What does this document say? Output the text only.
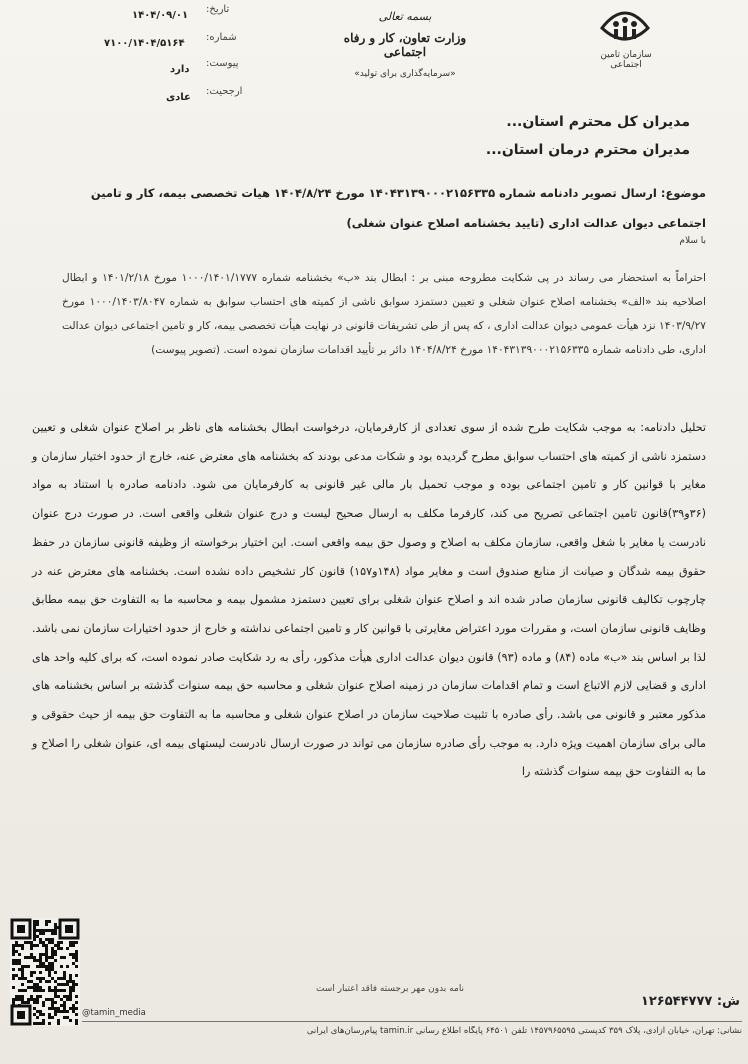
سازمان تامین اجتماعی
بسمه تعالی
وزارت تعاون، کار و رفاه اجتماعی
«سرمایه‌گذاری برای تولید»
تاریخ:
۱۴۰۴/۰۹/۰۱
شماره:
۷۱۰۰/۱۴۰۴/۵۱۶۴
پیوست:
دارد
ارجحیت:
عادی
مدیران کل محترم استان...
مدیران محترم درمان استان...
موضوع: ارسال تصویر دادنامه شماره ۱۴۰۴۳۱۳۹۰۰۰۲۱۵۶۳۳۵ مورخ ۱۴۰۴/۸/۲۴ هیات تخصصی بیمه، کار و تامین اجتماعی دیوان عدالت اداری (تایید بخشنامه اصلاح عنوان شغلی)
با سلام
احتراماً به استحضار می رساند در پی شکایت مطروحه مبنی بر : ابطال بند «ب» بخشنامه شماره ۱۰۰۰/۱۴۰۱/۱۷۷۷ مورخ ۱۴۰۱/۲/۱۸ و ابطال اصلاحیه بند «الف» بخشنامه اصلاح عنوان شغلی و تعیین دستمزد سوابق ناشی از کمیته های احتساب سوابق به شماره ۱۰۰۰/۱۴۰۳/۸۰۴۷ مورخ ۱۴۰۳/۹/۲۷ نزد هیأت عمومی دیوان عدالت اداری ، که پس از طی تشریفات قانونی در نهایت هیأت تخصصی بیمه، کار و تامین اجتماعی دیوان عدالت اداری، طی دادنامه شماره ۱۴۰۴۳۱۳۹۰۰۰۲۱۵۶۳۳۵ مورخ ۱۴۰۴/۸/۲۴ دائر بر تأیید اقدامات سازمان نموده است. (تصویر پیوست)
تحلیل دادنامه: به موجب شکایت طرح شده از سوی تعدادی از کارفرمایان، درخواست ابطال بخشنامه های ناظر بر اصلاح عنوان شغلی و تعیین دستمزد ناشی از کمیته های احتساب سوابق مطرح گردیده بود و شکات مدعی بودند که بخشنامه های معترض عنه، خارج از حدود اختیار سازمان و مغایر با قوانین کار و تامین اجتماعی بوده و موجب تحمیل بار مالی غیر قانونی به کارفرمایان می شود. دادنامه صادره با استناد به مواد (۳۶و۳۹)قانون تامین اجتماعی تصریح می کند، کارفرما مکلف به ارسال صحیح لیست و درج عنوان شغلی واقعی است. در صورت درج عنوان نادرست یا مغایر با شغل واقعی، سازمان مکلف به اصلاح و وصول حق بیمه واقعی است. این اختیار برخواسته از وظیفه قانونی سازمان در حفظ حقوق بیمه شدگان و صیانت از منابع صندوق است و مغایر مواد (۱۴۸و۱۵۷) قانون کار تشخیص داده نشده است. بخشنامه های معترض عنه در چارچوب تکالیف قانونی سازمان صادر شده اند و اصلاح عنوان شغلی برای تعیین دستمزد مشمول بیمه و محاسبه ما به التفاوت حق بیمه مطابق وظایف قانونی سازمان است، و مقررات مورد اعتراض مغایرتی با قوانین کار و تامین اجتماعی نداشته و خارج از حدود اختیارات سازمان نمی باشد. لذا بر اساس بند «ب» ماده (۸۴) و ماده (۹۳) قانون دیوان عدالت اداری هیأت مذکور، رأی به رد شکایت صادر نموده است، که برای کلیه واحد های اداری و قضایی لازم الاتباع است و تمام اقدامات سازمان در زمینه اصلاح عنوان شغلی و محاسبه حق بیمه سنوات گذشته بر اساس بخشنامه های مذکور معتبر و قانونی می باشد. رأی صادره با تثبیت صلاحیت سازمان در اصلاح عنوان شغلی و محاسبه ما به التفاوت حق بیمه از حیث حقوقی و مالی برای سازمان اهمیت ویژه دارد. به موجب رأی صادره سازمان می تواند در صورت ارسال نادرست لیستهای بیمه ای، عنوان شغلی را اصلاح و ما به التفاوت حق بیمه سنوات گذشته را
نامه بدون مهر برجسته فاقد اعتبار است
ش: ۱۲۶۵۴۴۷۷۷
@tamin_media
نشانی: تهران، خیابان آزادی، پلاک ۳۵۹ کدپستی ۱۴۵۷۹۶۵۵۹۵ تلفن ۶۴۵۰۱ پایگاه اطلاع رسانی tamin.ir پیام‌رسان‌های ایرانی
